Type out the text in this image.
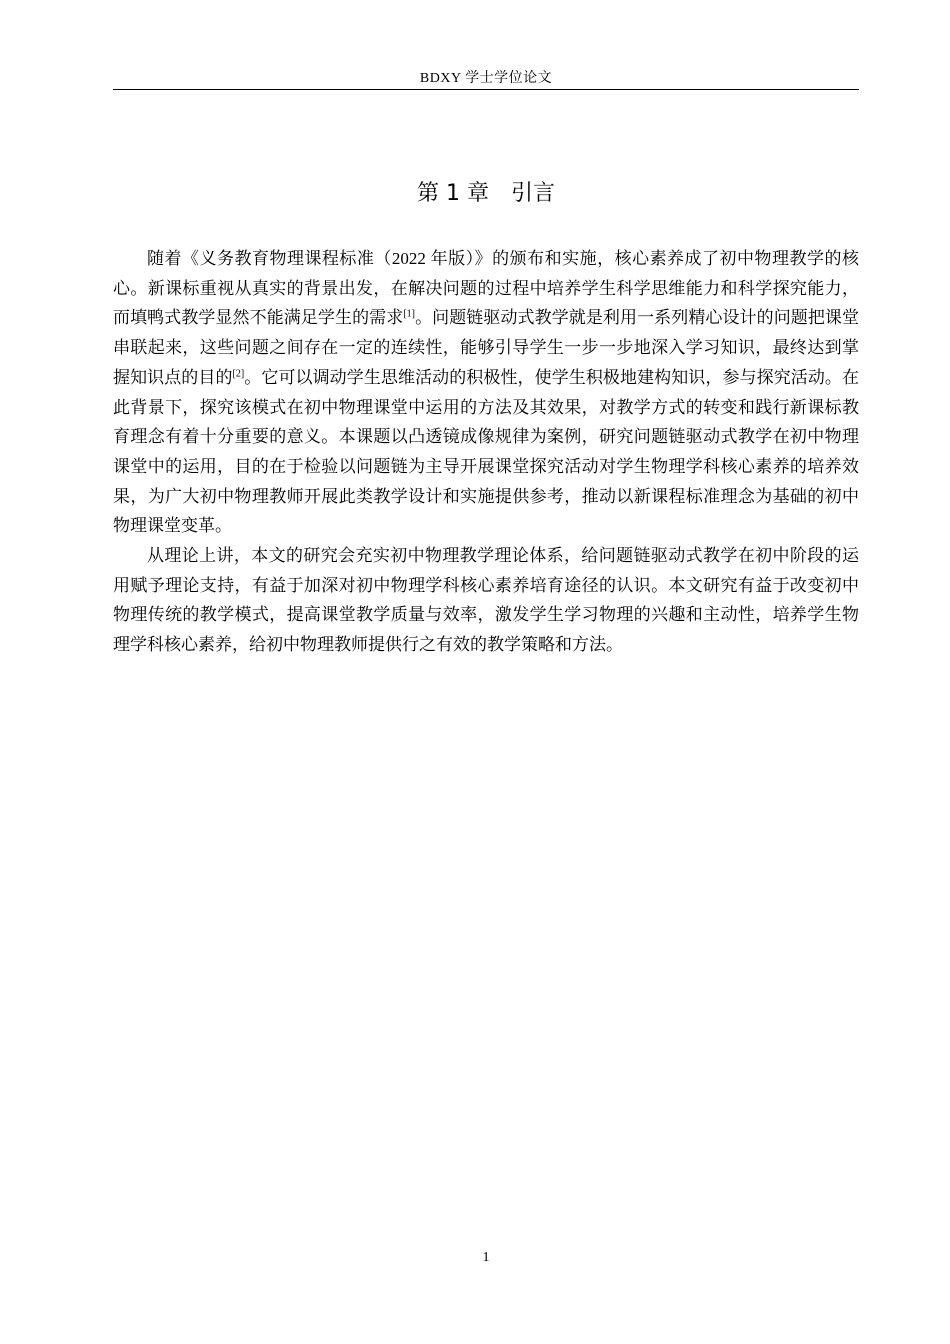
BDXY 学士学位论文
第 1 章　引言

随着《义务教育物理课程标准（2022 年版）》的颁布和实施，核心素养成了初中物理教学的核心。新课标重视从真实的背景出发，在解决问题的过程中培养学生科学思维能力和科学探究能力，而填鸭式教学显然不能满足学生的需求[1]。问题链驱动式教学就是利用一系列精心设计的问题把课堂串联起来，这些问题之间存在一定的连续性，能够引导学生一步一步地深入学习知识，最终达到掌握知识点的目的[2]。它可以调动学生思维活动的积极性，使学生积极地建构知识，参与探究活动。在此背景下，探究该模式在初中物理课堂中运用的方法及其效果，对教学方式的转变和践行新课标教育理念有着十分重要的意义。本课题以凸透镜成像规律为案例，研究问题链驱动式教学在初中物理课堂中的运用，目的在于检验以问题链为主导开展课堂探究活动对学生物理学科核心素养的培养效果，为广大初中物理教师开展此类教学设计和实施提供参考，推动以新课程标准理念为基础的初中物理课堂变革。

从理论上讲，本文的研究会充实初中物理教学理论体系，给问题链驱动式教学在初中阶段的运用赋予理论支持，有益于加深对初中物理学科核心素养培育途径的认识。本文研究有益于改变初中物理传统的教学模式，提高课堂教学质量与效率，激发学生学习物理的兴趣和主动性，培养学生物理学科核心素养，给初中物理教师提供行之有效的教学策略和方法。

1
